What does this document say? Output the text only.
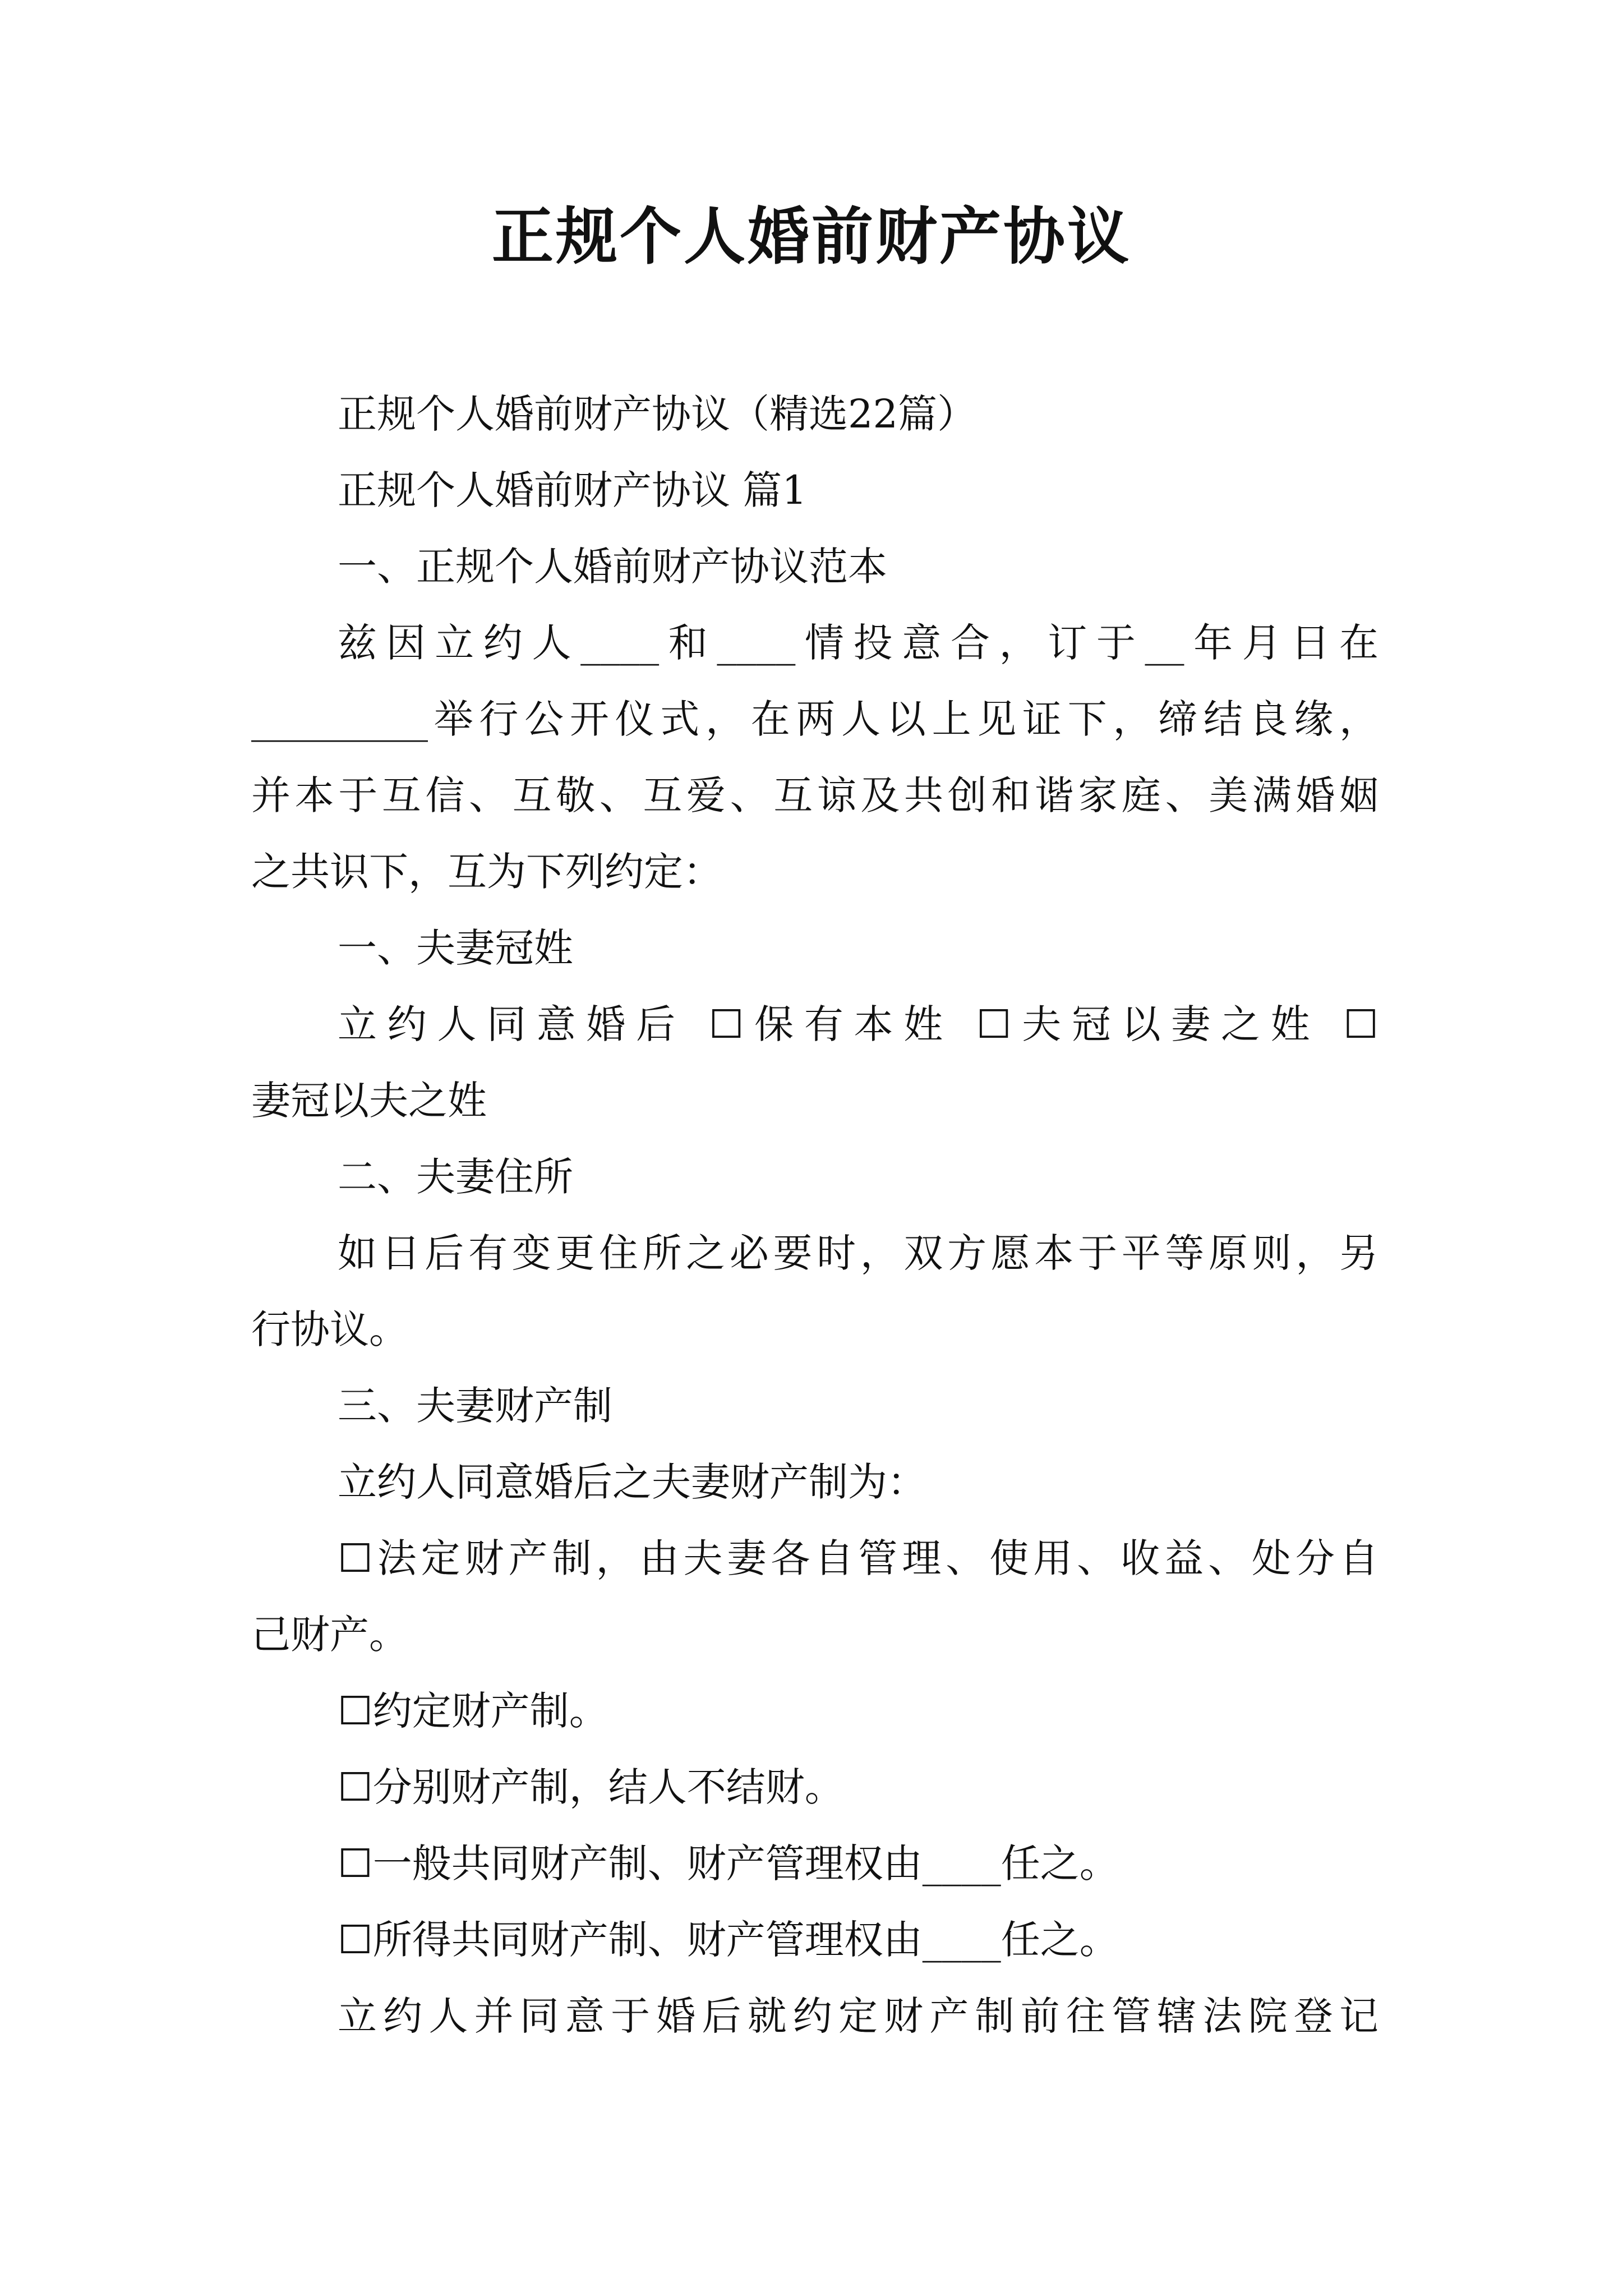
正规个人婚前财产协议
正规个人婚前财产协议（精选22篇）
正规个人婚前财产协议 篇1
一、正规个人婚前财产协议范本
兹因立约人____和____情投意合，订于__年月日在
_________举行公开仪式，在两人以上见证下，缔结良缘，
并本于互信、互敬、互爱、互谅及共创和谐家庭、美满婚姻
之共识下，互为下列约定：
一、夫妻冠姓
立约人同意婚后 ☐保有本姓 ☐夫冠以妻之姓 ☐
妻冠以夫之姓
二、夫妻住所
如日后有变更住所之必要时，双方愿本于平等原则，另
行协议。
三、夫妻财产制
立约人同意婚后之夫妻财产制为：
☐法定财产制，由夫妻各自管理、使用、收益、处分自
己财产。
☐约定财产制。
☐分别财产制，结人不结财。
☐一般共同财产制、财产管理权由____任之。
☐所得共同财产制、财产管理权由____任之。
立约人并同意于婚后就约定财产制前往管辖法院登记
